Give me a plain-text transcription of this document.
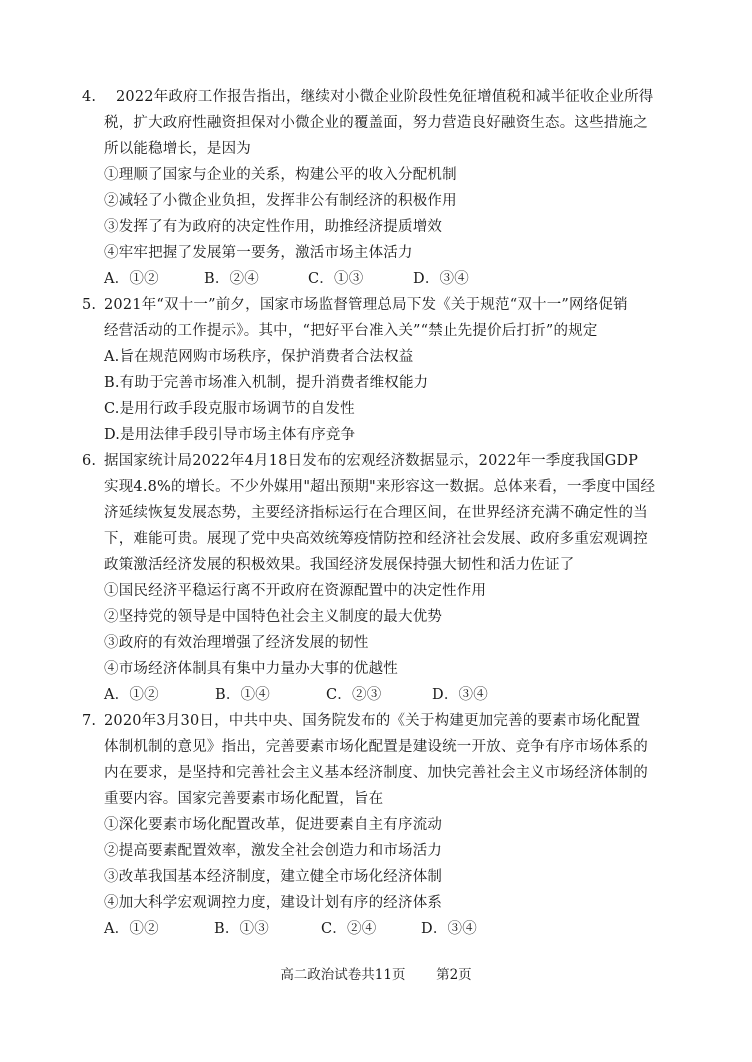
4. 2022年政府工作报告指出，继续对小微企业阶段性免征增值税和减半征收企业所得
税，扩大政府性融资担保对小微企业的覆盖面，努力营造良好融资生态。这些措施之
所以能稳增长，是因为
①理顺了国家与企业的关系，构建公平的收入分配机制
②减轻了小微企业负担，发挥非公有制经济的积极作用
③发挥了有为政府的决定性作用，助推经济提质增效
④牢牢把握了发展第一要务，激活市场主体活力
A．①②	B．②④	C．①③	D．③④
5. 2021年“双十一”前夕，国家市场监督管理总局下发《关于规范“双十一”网络促销
经营活动的工作提示》。其中，“把好平台准入关”“禁止先提价后打折”的规定
A.旨在规范网购市场秩序，保护消费者合法权益
B.有助于完善市场准入机制，提升消费者维权能力
C.是用行政手段克服市场调节的自发性
D.是用法律手段引导市场主体有序竞争
6. 据国家统计局2022年4月18日发布的宏观经济数据显示，2022年一季度我国GDP
实现4.8%的增长。不少外媒用"超出预期"来形容这一数据。总体来看，一季度中国经
济延续恢复发展态势，主要经济指标运行在合理区间，在世界经济充满不确定性的当
下，难能可贵。展现了党中央高效统筹疫情防控和经济社会发展、政府多重宏观调控
政策激活经济发展的积极效果。我国经济发展保持强大韧性和活力佐证了
①国民经济平稳运行离不开政府在资源配置中的决定性作用
②坚持党的领导是中国特色社会主义制度的最大优势
③政府的有效治理增强了经济发展的韧性
④市场经济体制具有集中力量办大事的优越性
A．①②	B．①④	C．②③	D．③④
7. 2020年3月30日，中共中央、国务院发布的《关于构建更加完善的要素市场化配置
体制机制的意见》指出，完善要素市场化配置是建设统一开放、竞争有序市场体系的
内在要求，是坚持和完善社会主义基本经济制度、加快完善社会主义市场经济体制的
重要内容。国家完善要素市场化配置，旨在
①深化要素市场化配置改革，促进要素自主有序流动
②提高要素配置效率，激发全社会创造力和市场活力
③改革我国基本经济制度，建立健全市场化经济体制
④加大科学宏观调控力度，建设计划有序的经济体系
A．①②	B．①③	C．②④	D．③④
高二政治试卷共11页 第2页
